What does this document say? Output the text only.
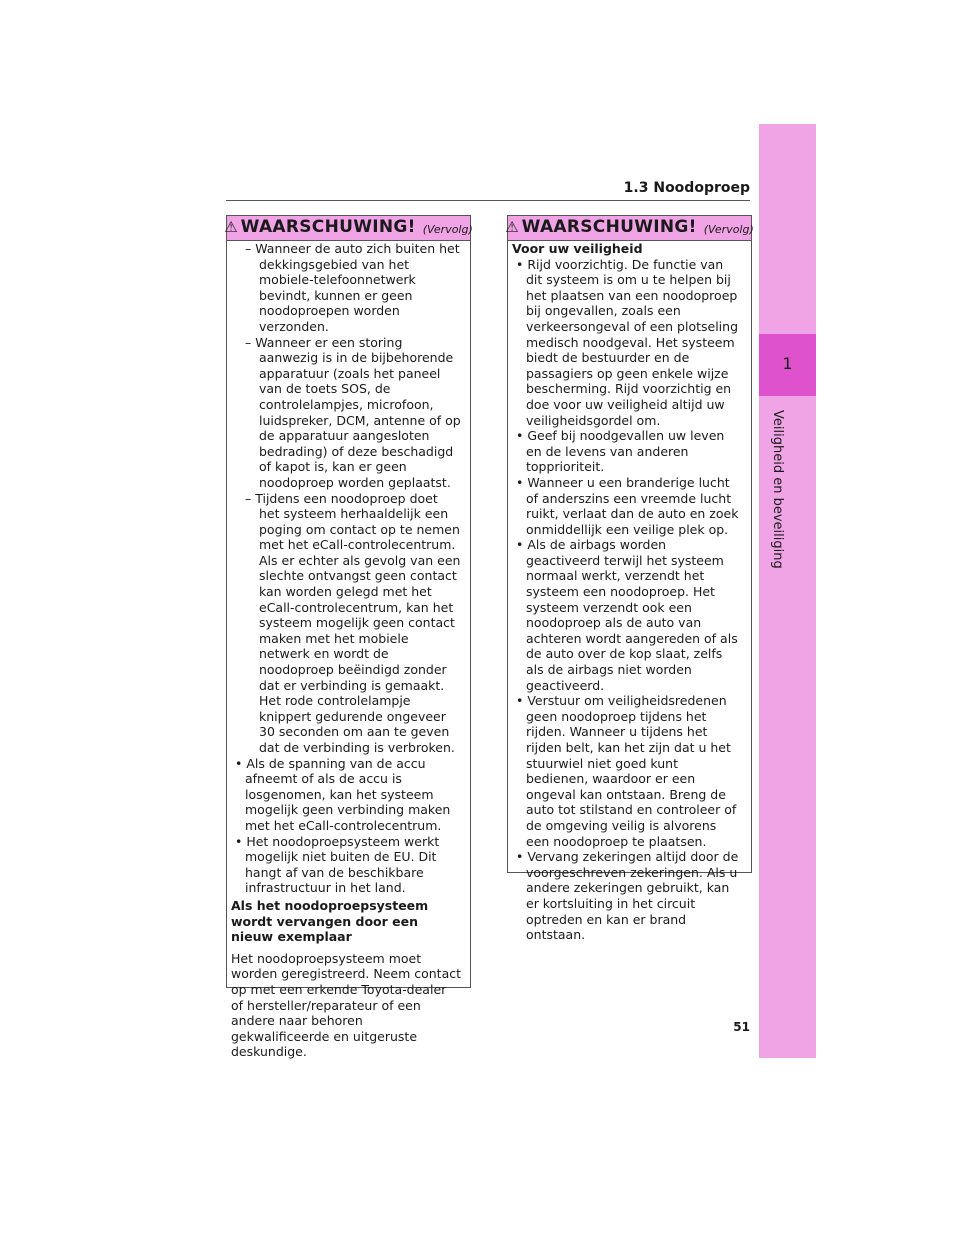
1
Veiligheid en beveiliging
1.3 Noodoproep
⚠ WAARSCHUWING! (Vervolg)
– Wanneer de auto zich buiten het dekkingsgebied van het mobiele-telefoonnetwerk bevindt, kunnen er geen noodoproepen worden verzonden.
– Wanneer er een storing aanwezig is in de bijbehorende apparatuur (zoals het paneel van de toets SOS, de controlelampjes, microfoon, luidspreker, DCM, antenne of op de apparatuur aangesloten bedrading) of deze beschadigd of kapot is, kan er geen noodoproep worden geplaatst.
– Tijdens een noodoproep doet het systeem herhaaldelijk een poging om contact op te nemen met het eCall-controlecentrum. Als er echter als gevolg van een slechte ontvangst geen contact kan worden gelegd met het eCall-controlecentrum, kan het systeem mogelijk geen contact maken met het mobiele netwerk en wordt de noodoproep beëindigd zonder dat er verbinding is gemaakt. Het rode controlelampje knippert gedurende ongeveer 30 seconden om aan te geven dat de verbinding is verbroken.
• Als de spanning van de accu afneemt of als de accu is losgenomen, kan het systeem mogelijk geen verbinding maken met het eCall-controlecentrum.
• Het noodoproepsysteem werkt mogelijk niet buiten de EU. Dit hangt af van de beschikbare infrastructuur in het land.
Als het noodoproepsysteem wordt vervangen door een nieuw exemplaar
Het noodoproepsysteem moet worden geregistreerd. Neem contact op met een erkende Toyota-dealer of hersteller/reparateur of een andere naar behoren gekwalificeerde en uitgeruste deskundige.
⚠ WAARSCHUWING! (Vervolg)
Voor uw veiligheid
• Rijd voorzichtig. De functie van dit systeem is om u te helpen bij het plaatsen van een noodoproep bij ongevallen, zoals een verkeersongeval of een plotseling medisch noodgeval. Het systeem biedt de bestuurder en de passagiers op geen enkele wijze bescherming. Rijd voorzichtig en doe voor uw veiligheid altijd uw veiligheidsgordel om.
• Geef bij noodgevallen uw leven en de levens van anderen topprioriteit.
• Wanneer u een branderige lucht of anderszins een vreemde lucht ruikt, verlaat dan de auto en zoek onmiddellijk een veilige plek op.
• Als de airbags worden geactiveerd terwijl het systeem normaal werkt, verzendt het systeem een noodoproep. Het systeem verzendt ook een noodoproep als de auto van achteren wordt aangereden of als de auto over de kop slaat, zelfs als de airbags niet worden geactiveerd.
• Verstuur om veiligheidsredenen geen noodoproep tijdens het rijden. Wanneer u tijdens het rijden belt, kan het zijn dat u het stuurwiel niet goed kunt bedienen, waardoor er een ongeval kan ontstaan. Breng de auto tot stilstand en controleer of de omgeving veilig is alvorens een noodoproep te plaatsen.
• Vervang zekeringen altijd door de voorgeschreven zekeringen. Als u andere zekeringen gebruikt, kan er kortsluiting in het circuit optreden en kan er brand ontstaan.
51
